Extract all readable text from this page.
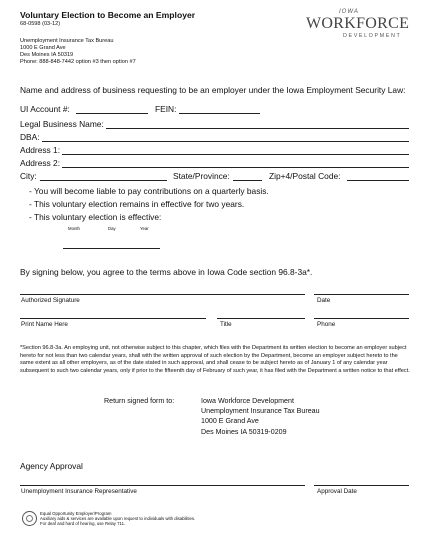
Voluntary Election to Become an Employer
68-0598 (03-12)
Unemployment Insurance Tax Bureau
1000 E Grand Ave
Des Moines IA 50319
Phone: 888-848-7442 option #3 then option #7
IOWA
WORKFORCE
DEVELOPMENT
Name and address of business requesting to be an employer under the Iowa Employment Security Law:
UI Account #:	FEIN:
Legal Business Name:
DBA:
Address 1:
Address 2:
City:	State/Province:	Zip+4/Postal Code:
- You will become liable to pay contributions on a quarterly basis.
- This voluntary election remains in effective for two years.
- This voluntary election is effective:
Month	Day	Year
By signing below, you agree to the terms above in Iowa Code section 96.8-3a*.
Authorized Signature	Date
Print Name Here	Title	Phone
*Section 96.8-3a. An employing unit, not otherwise subject to this chapter, which files with the Department its written election to become an employer subject hereto for not less than two calendar years, shall with the written approval of such election by the Department, become an employer subject hereto to the same extent as all other employers, as of the date stated in such approval, and shall cease to be subject hereto as of January 1 of any calendar year subsequent to such two calendar years, only if prior to the fifteenth day of February of such year, it has filed with the Department a written notice to that effect.
Return signed form to:	Iowa Workforce Development
Unemployment Insurance Tax Bureau
1000 E Grand Ave
Des Moines IA 50319-0209
Agency Approval
Unemployment Insurance Representative	Approval Date
Equal Opportunity Employer/Program
Auxiliary aids & services are available upon request to individuals with disabilities.
For deaf and hard of hearing, use Relay 711.
